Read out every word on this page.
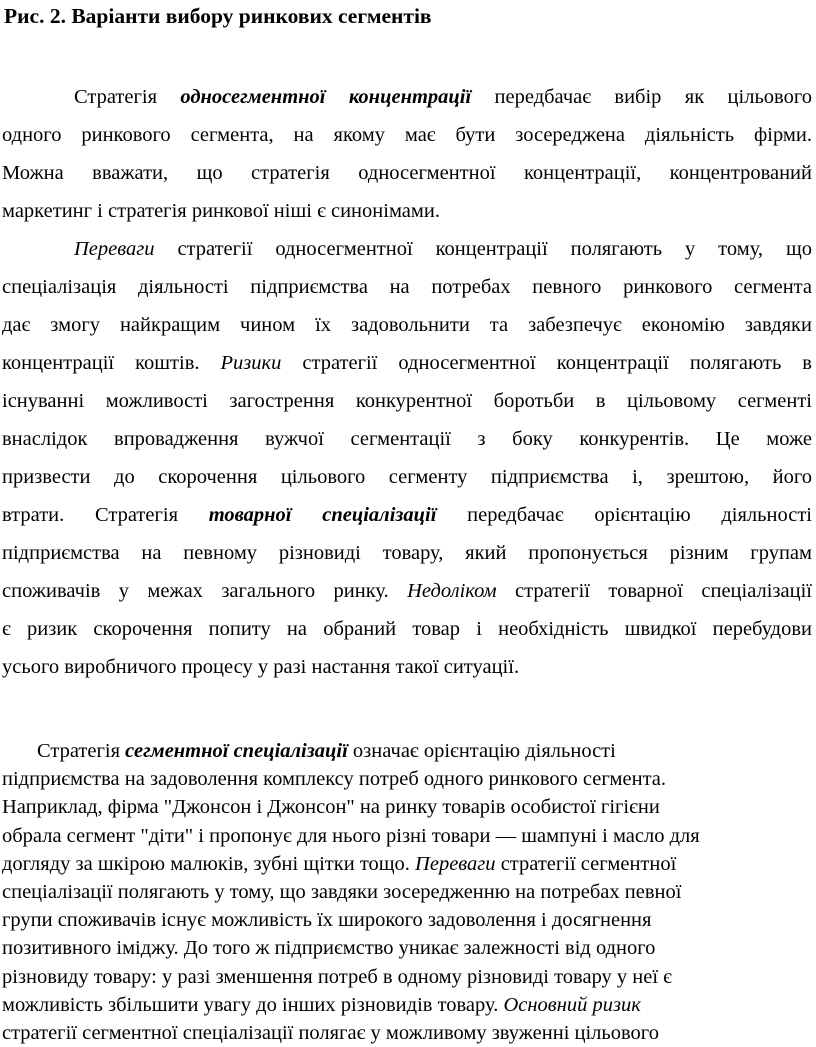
Рис. 2. Варіанти вибору ринкових сегментів
Стратегія односегментної концентрації передбачає вибір як цільового
одного ринкового сегмента, на якому має бути зосереджена діяльність фірми.
Можна вважати, що стратегія односегментної концентрації, концентрований
маркетинг і стратегія ринкової ніші є синонімами.
Переваги стратегії односегментної концентрації полягають у тому, що
спеціалізація діяльності підприємства на потребах певного ринкового сегмента
дає змогу найкращим чином їх задовольнити та забезпечує економію завдяки
концентрації коштів. Ризики стратегії односегментної концентрації полягають в
існуванні можливості загострення конкурентної боротьби в цільовому сегменті
внаслідок впровадження вужчої сегментації з боку конкурентів. Це може
призвести до скорочення цільового сегменту підприємства і, зрештою, його
втрати. Стратегія товарної спеціалізації передбачає орієнтацію діяльності
підприємства на певному різновиді товару, який пропонується різним групам
споживачів у межах загального ринку. Недоліком стратегії товарної спеціалізації
є ризик скорочення попиту на обраний товар і необхідність швидкої перебудови
усього виробничого процесу у разі настання такої ситуації.
Стратегія сегментної спеціалізації означає орієнтацію діяльності
підприємства на задоволення комплексу потреб одного ринкового сегмента.
Наприклад, фірма "Джонсон і Джонсон" на ринку товарів особистої гігієни
обрала сегмент "діти" і пропонує для нього різні товари — шампуні і масло для
догляду за шкірою малюків, зубні щітки тощо. Переваги стратегії сегментної
спеціалізації полягають у тому, що завдяки зосередженню на потребах певної
групи споживачів існує можливість їх широкого задоволення і досягнення
позитивного іміджу. До того ж підприємство уникає залежності від одного
різновиду товару: у разі зменшення потреб в одному різновиді товару у неї є
можливість збільшити увагу до інших різновидів товару. Основний ризик
стратегії сегментної спеціалізації полягає у можливому звуженні цільового
